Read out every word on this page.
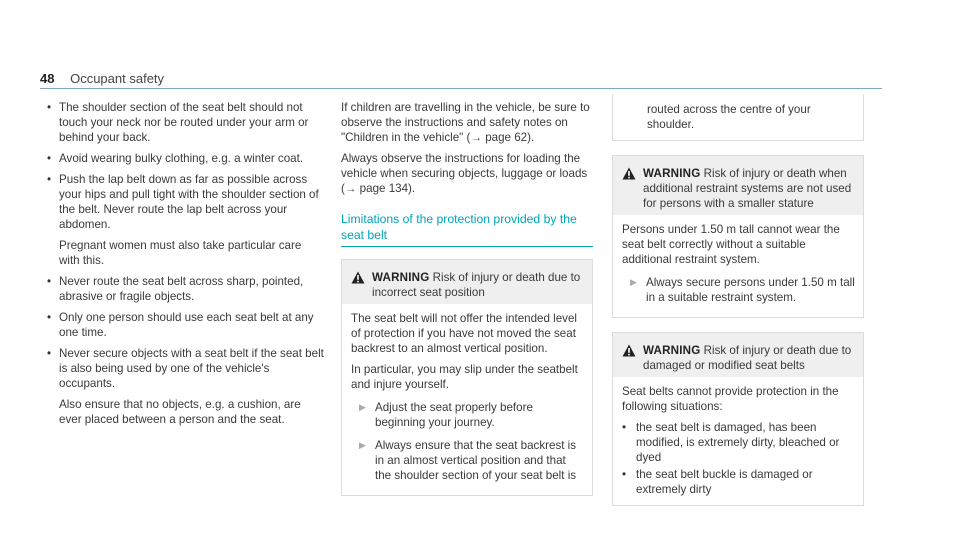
48 Occupant safety
• The shoulder section of the seat belt should not touch your neck nor be routed under your arm or behind your back.
• Avoid wearing bulky clothing, e.g. a winter coat.
• Push the lap belt down as far as possible across your hips and pull tight with the shoulder section of the belt. Never route the lap belt across your abdomen.
Pregnant women must also take particular care with this.
• Never route the seat belt across sharp, pointed, abrasive or fragile objects.
• Only one person should use each seat belt at any one time.
• Never secure objects with a seat belt if the seat belt is also being used by one of the vehicle's occupants.
Also ensure that no objects, e.g. a cushion, are ever placed between a person and the seat.

If children are travelling in the vehicle, be sure to observe the instructions and safety notes on "Children in the vehicle" (→ page 62).

Always observe the instructions for loading the vehicle when securing objects, luggage or loads (→ page 134).

Limitations of the protection provided by the seat belt
WARNING Risk of injury or death due to incorrect seat position

The seat belt will not offer the intended level of protection if you have not moved the seat backrest to an almost vertical position.

In particular, you may slip under the seatbelt and injure yourself.

▶ Adjust the seat properly before beginning your journey.
▶ Always ensure that the seat backrest is in an almost vertical position and that the shoulder section of your seat belt is
routed across the centre of your shoulder.
WARNING Risk of injury or death when additional restraint systems are not used for persons with a smaller stature

Persons under 1.50 m tall cannot wear the seat belt correctly without a suitable additional restraint system.

▶ Always secure persons under 1.50 m tall in a suitable restraint system.
WARNING Risk of injury or death due to damaged or modified seat belts

Seat belts cannot provide protection in the following situations:

• the seat belt is damaged, has been modified, is extremely dirty, bleached or dyed
• the seat belt buckle is damaged or extremely dirty
